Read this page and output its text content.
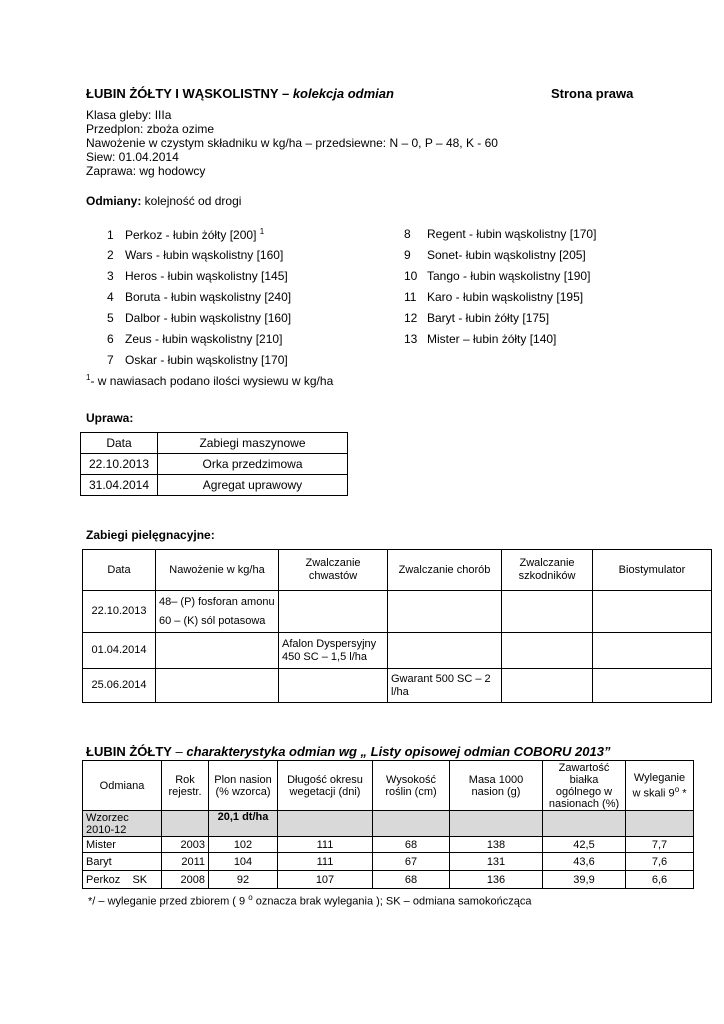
ŁUBIN ŻÓŁTY I WĄSKOLISTNY – kolekcja odmian	Strona prawa
Klasa gleby: IIIa
Przedplon: zboża ozime
Nawożenie w czystym składniku w kg/ha – przedsiewne: N – 0, P – 48, K - 60
Siew: 01.04.2014
Zaprawa: wg hodowcy
Odmiany: kolejność od drogi
1 Perkoz - łubin żółty [200] $^1$
2 Wars - łubin wąskolistny [160]
3 Heros - łubin wąskolistny [145]
4 Boruta - łubin wąskolistny [240]
5 Dalbor - łubin wąskolistny [160]
6 Zeus - łubin wąskolistny [210]
7 Oskar - łubin wąskolistny [170]
8 Regent - łubin wąskolistny [170]
9 Sonet- łubin wąskolistny [205]
10 Tango - łubin wąskolistny [190]
11 Karo - łubin wąskolistny [195]
12 Baryt - łubin żółty [175]
13 Mister – łubin żółty [140]
$^1$- w nawiasach podano ilości wysiewu w kg/ha
Uprawa:
Data	Zabiegi maszynowe
22.10.2013	Orka przedzimowa
31.04.2014	Agregat uprawowy
Zabiegi pielęgnacyjne:
Data	Nawożenie w kg/ha	Zwalczanie chwastów	Zwalczanie chorób	Zwalczanie szkodników	Biostymulator
22.10.2013	48– (P) fosforan amonu
60 – (K) sól potasowa				

01.04.2014		Afalon Dyspersyjny 450 SC – 1,5 l/ha			
25.06.2014			Gwarant 500 SC – 2 l/ha		
ŁUBIN ŻÓŁTY – charakterystyka odmian wg „ Listy opisowej odmian COBORU 2013”
Odmiana	Rok rejestr.	Plon nasion (% wzorca)	Długość okresu wegetacji (dni)	Wysokość roślin (cm)	Masa 1000 nasion (g)	Zawartość białka ogólnego w nasionach (%)	Wyleganie w skali 9$^o$ *
Wzorzec 2010-12		20,1 dt/ha					
Mister	2003	102	111	68	138	42,5	7,7
Baryt	2011	104	111	67	131	43,6	7,6
Perkoz    SK	2008	92	107	68	136	39,9	6,6
*/ – wyleganie przed zbiorem ( 9 $^o$ oznacza brak wylegania ); SK – odmiana samokończąca
